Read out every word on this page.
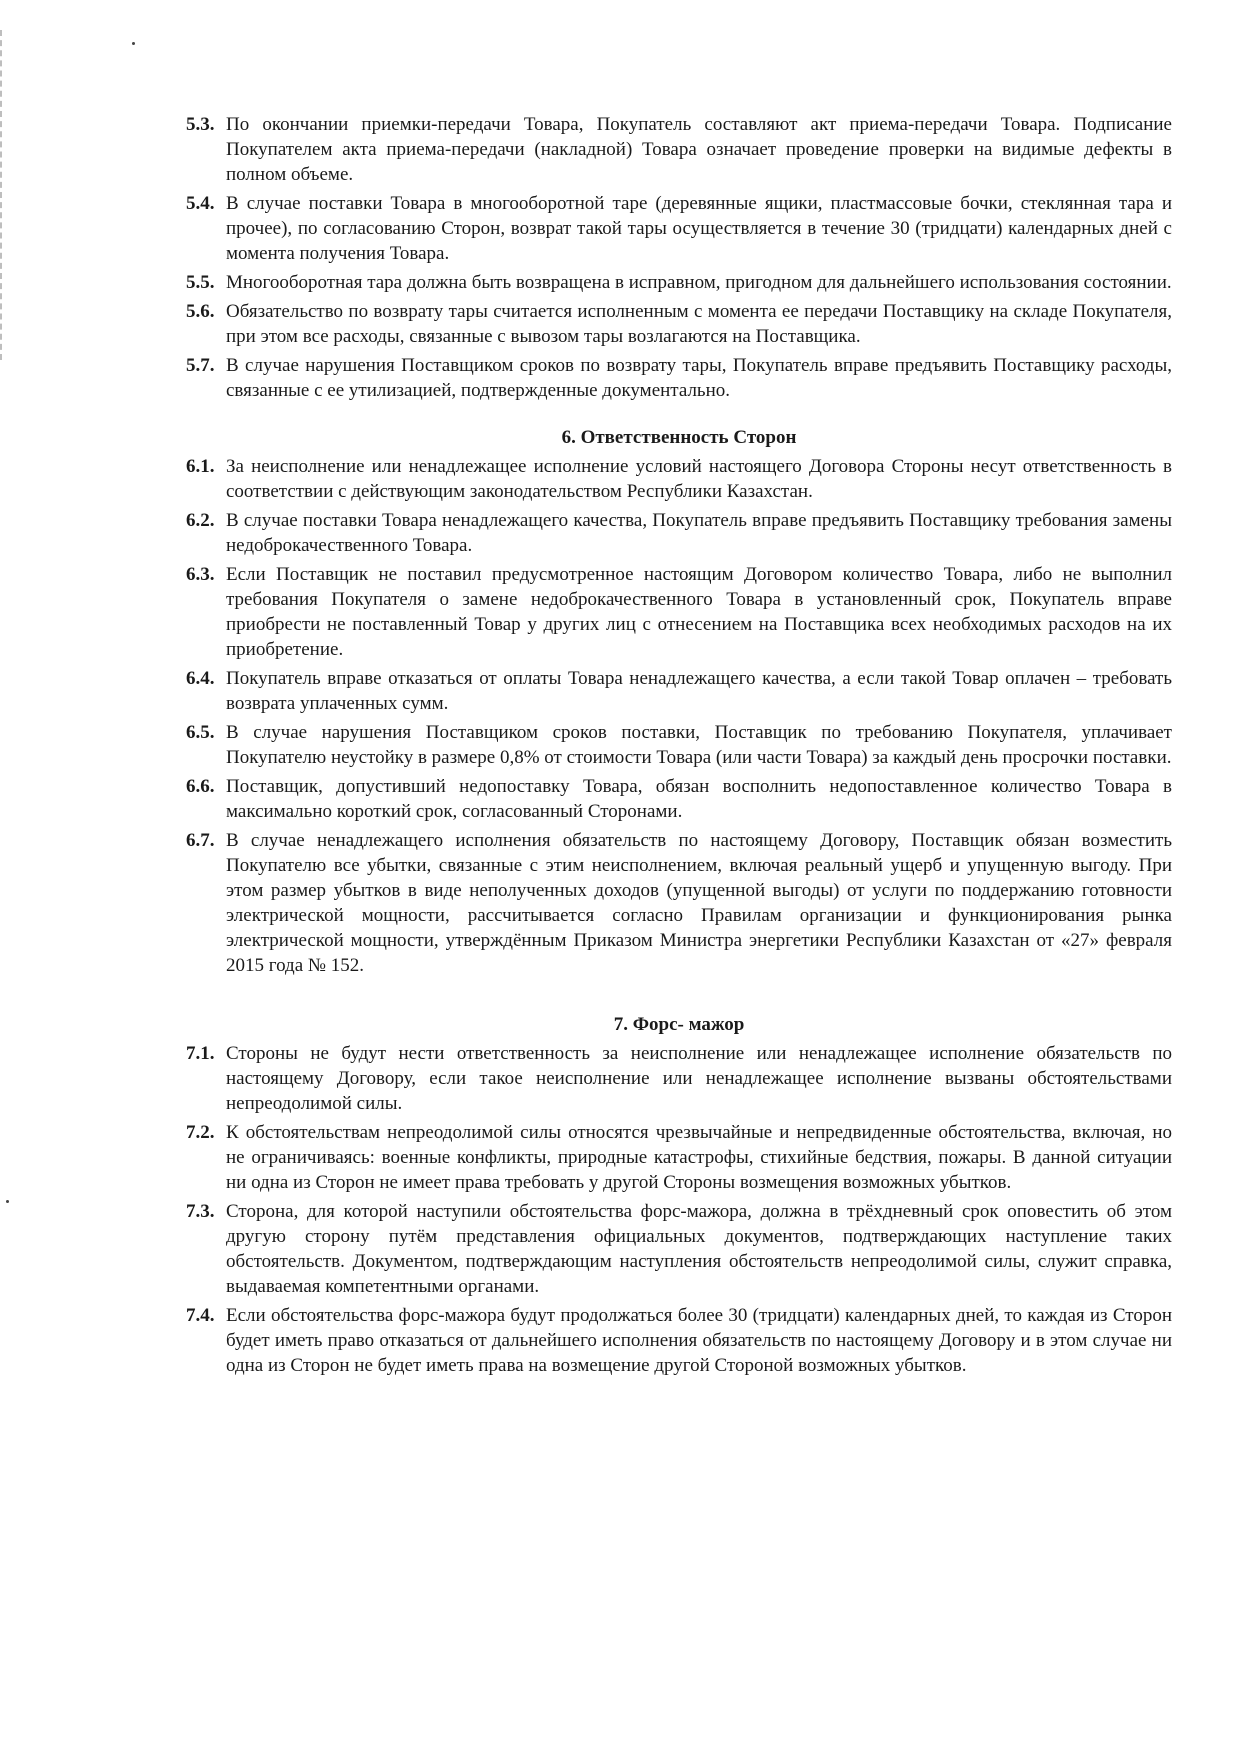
5.3. По окончании приемки-передачи Товара, Покупатель составляют акт приема-передачи Товара. Подписание Покупателем акта приема-передачи (накладной) Товара означает проведение проверки на видимые дефекты в полном объеме.
5.4. В случае поставки Товара в многооборотной таре (деревянные ящики, пластмассовые бочки, стеклянная тара и прочее), по согласованию Сторон, возврат такой тары осуществляется в течение 30 (тридцати) календарных дней с момента получения Товара.
5.5. Многооборотная тара должна быть возвращена в исправном, пригодном для дальнейшего использования состоянии.
5.6. Обязательство по возврату тары считается исполненным с момента ее передачи Поставщику на складе Покупателя, при этом все расходы, связанные с вывозом тары возлагаются на Поставщика.
5.7. В случае нарушения Поставщиком сроков по возврату тары, Покупатель вправе предъявить Поставщику расходы, связанные с ее утилизацией, подтвержденные документально.
6. Ответственность Сторон
6.1. За неисполнение или ненадлежащее исполнение условий настоящего Договора Стороны несут ответственность в соответствии с действующим законодательством Республики Казахстан.
6.2. В случае поставки Товара ненадлежащего качества, Покупатель вправе предъявить Поставщику требования замены недоброкачественного Товара.
6.3. Если Поставщик не поставил предусмотренное настоящим Договором количество Товара, либо не выполнил требования Покупателя о замене недоброкачественного Товара в установленный срок, Покупатель вправе приобрести не поставленный Товар у других лиц с отнесением на Поставщика всех необходимых расходов на их приобретение.
6.4. Покупатель вправе отказаться от оплаты Товара ненадлежащего качества, а если такой Товар оплачен – требовать возврата уплаченных сумм.
6.5. В случае нарушения Поставщиком сроков поставки, Поставщик по требованию Покупателя, уплачивает Покупателю неустойку в размере 0,8% от стоимости Товара (или части Товара) за каждый день просрочки поставки.
6.6. Поставщик, допустивший недопоставку Товара, обязан восполнить недопоставленное количество Товара в максимально короткий срок, согласованный Сторонами.
6.7. В случае ненадлежащего исполнения обязательств по настоящему Договору, Поставщик обязан возместить Покупателю все убытки, связанные с этим неисполнением, включая реальный ущерб и упущенную выгоду. При этом размер убытков в виде неполученных доходов (упущенной выгоды) от услуги по поддержанию готовности электрической мощности, рассчитывается согласно Правилам организации и функционирования рынка электрической мощности, утверждённым Приказом Министра энергетики Республики Казахстан от «27» февраля 2015 года № 152.
7. Форс- мажор
7.1. Стороны не будут нести ответственность за неисполнение или ненадлежащее исполнение обязательств по настоящему Договору, если такое неисполнение или ненадлежащее исполнение вызваны обстоятельствами непреодолимой силы.
7.2. К обстоятельствам непреодолимой силы относятся чрезвычайные и непредвиденные обстоятельства, включая, но не ограничиваясь: военные конфликты, природные катастрофы, стихийные бедствия, пожары. В данной ситуации ни одна из Сторон не имеет права требовать у другой Стороны возмещения возможных убытков.
7.3. Сторона, для которой наступили обстоятельства форс-мажора, должна в трёхдневный срок оповестить об этом другую сторону путём представления официальных документов, подтверждающих наступление таких обстоятельств. Документом, подтверждающим наступления обстоятельств непреодолимой силы, служит справка, выдаваемая компетентными органами.
7.4. Если обстоятельства форс-мажора будут продолжаться более 30 (тридцати) календарных дней, то каждая из Сторон будет иметь право отказаться от дальнейшего исполнения обязательств по настоящему Договору и в этом случае ни одна из Сторон не будет иметь права на возмещение другой Стороной возможных убытков.
